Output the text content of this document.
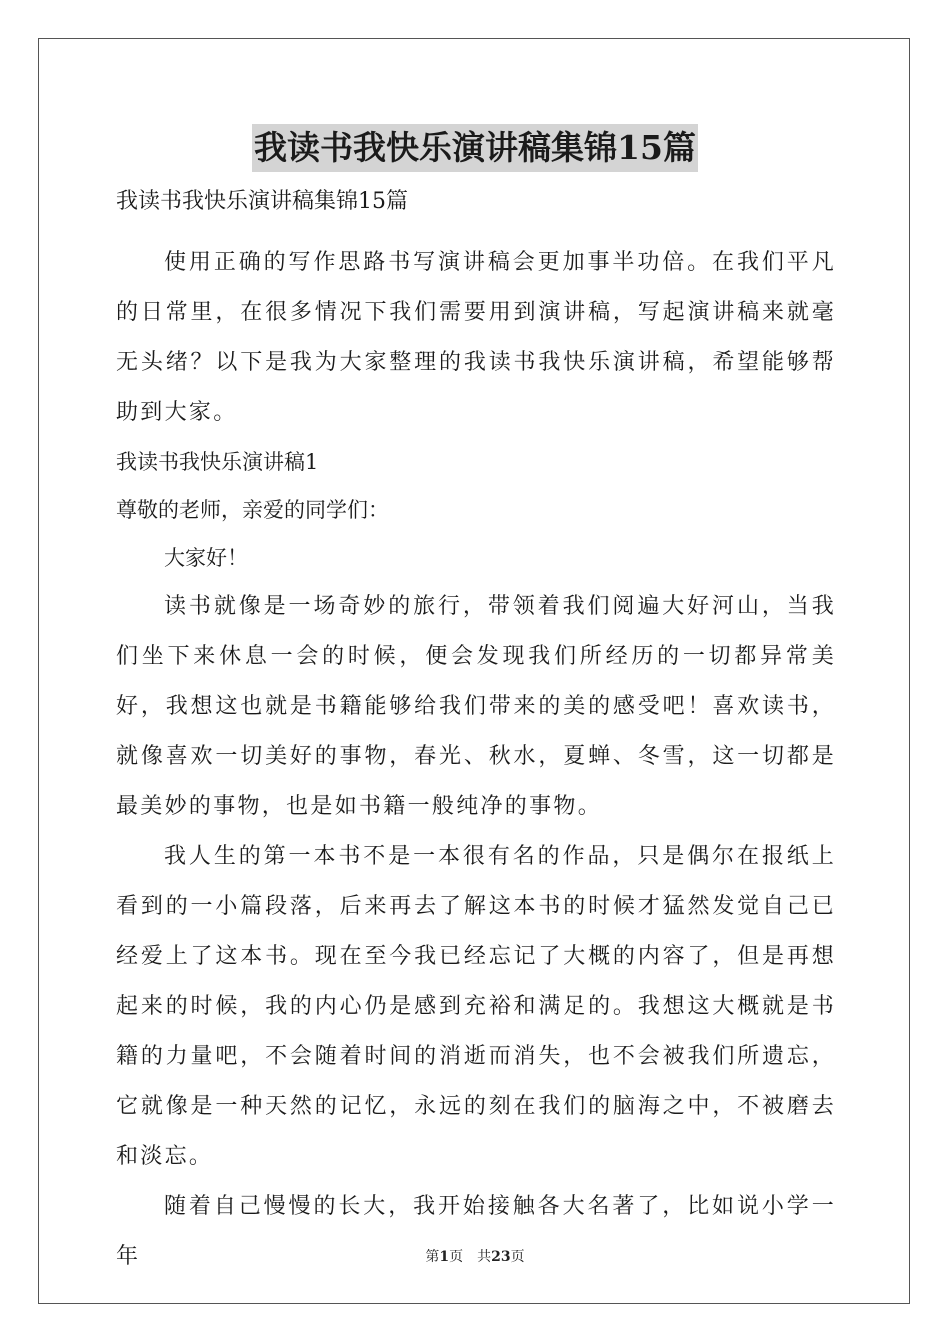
我读书我快乐演讲稿集锦15篇

我读书我快乐演讲稿集锦15篇

使用正确的写作思路书写演讲稿会更加事半功倍。在我们平凡的日常里，在很多情况下我们需要用到演讲稿，写起演讲稿来就毫无头绪？以下是我为大家整理的我读书我快乐演讲稿，希望能够帮助到大家。

我读书我快乐演讲稿1

尊敬的老师，亲爱的同学们：

大家好！

读书就像是一场奇妙的旅行，带领着我们阅遍大好河山，当我们坐下来休息一会的时候，便会发现我们所经历的一切都异常美好，我想这也就是书籍能够给我们带来的美的感受吧！喜欢读书，就像喜欢一切美好的事物，春光、秋水，夏蝉、冬雪，这一切都是最美妙的事物，也是如书籍一般纯净的事物。

我人生的第一本书不是一本很有名的作品，只是偶尔在报纸上看到的一小篇段落，后来再去了解这本书的时候才猛然发觉自己已经爱上了这本书。现在至今我已经忘记了大概的内容了，但是再想起来的时候，我的内心仍是感到充裕和满足的。我想这大概就是书籍的力量吧，不会随着时间的消逝而消失，也不会被我们所遗忘，它就像是一种天然的记忆，永远的刻在我们的脑海之中，不被磨去和淡忘。

随着自己慢慢的长大，我开始接触各大名著了，比如说小学一年	第1页　共23页
